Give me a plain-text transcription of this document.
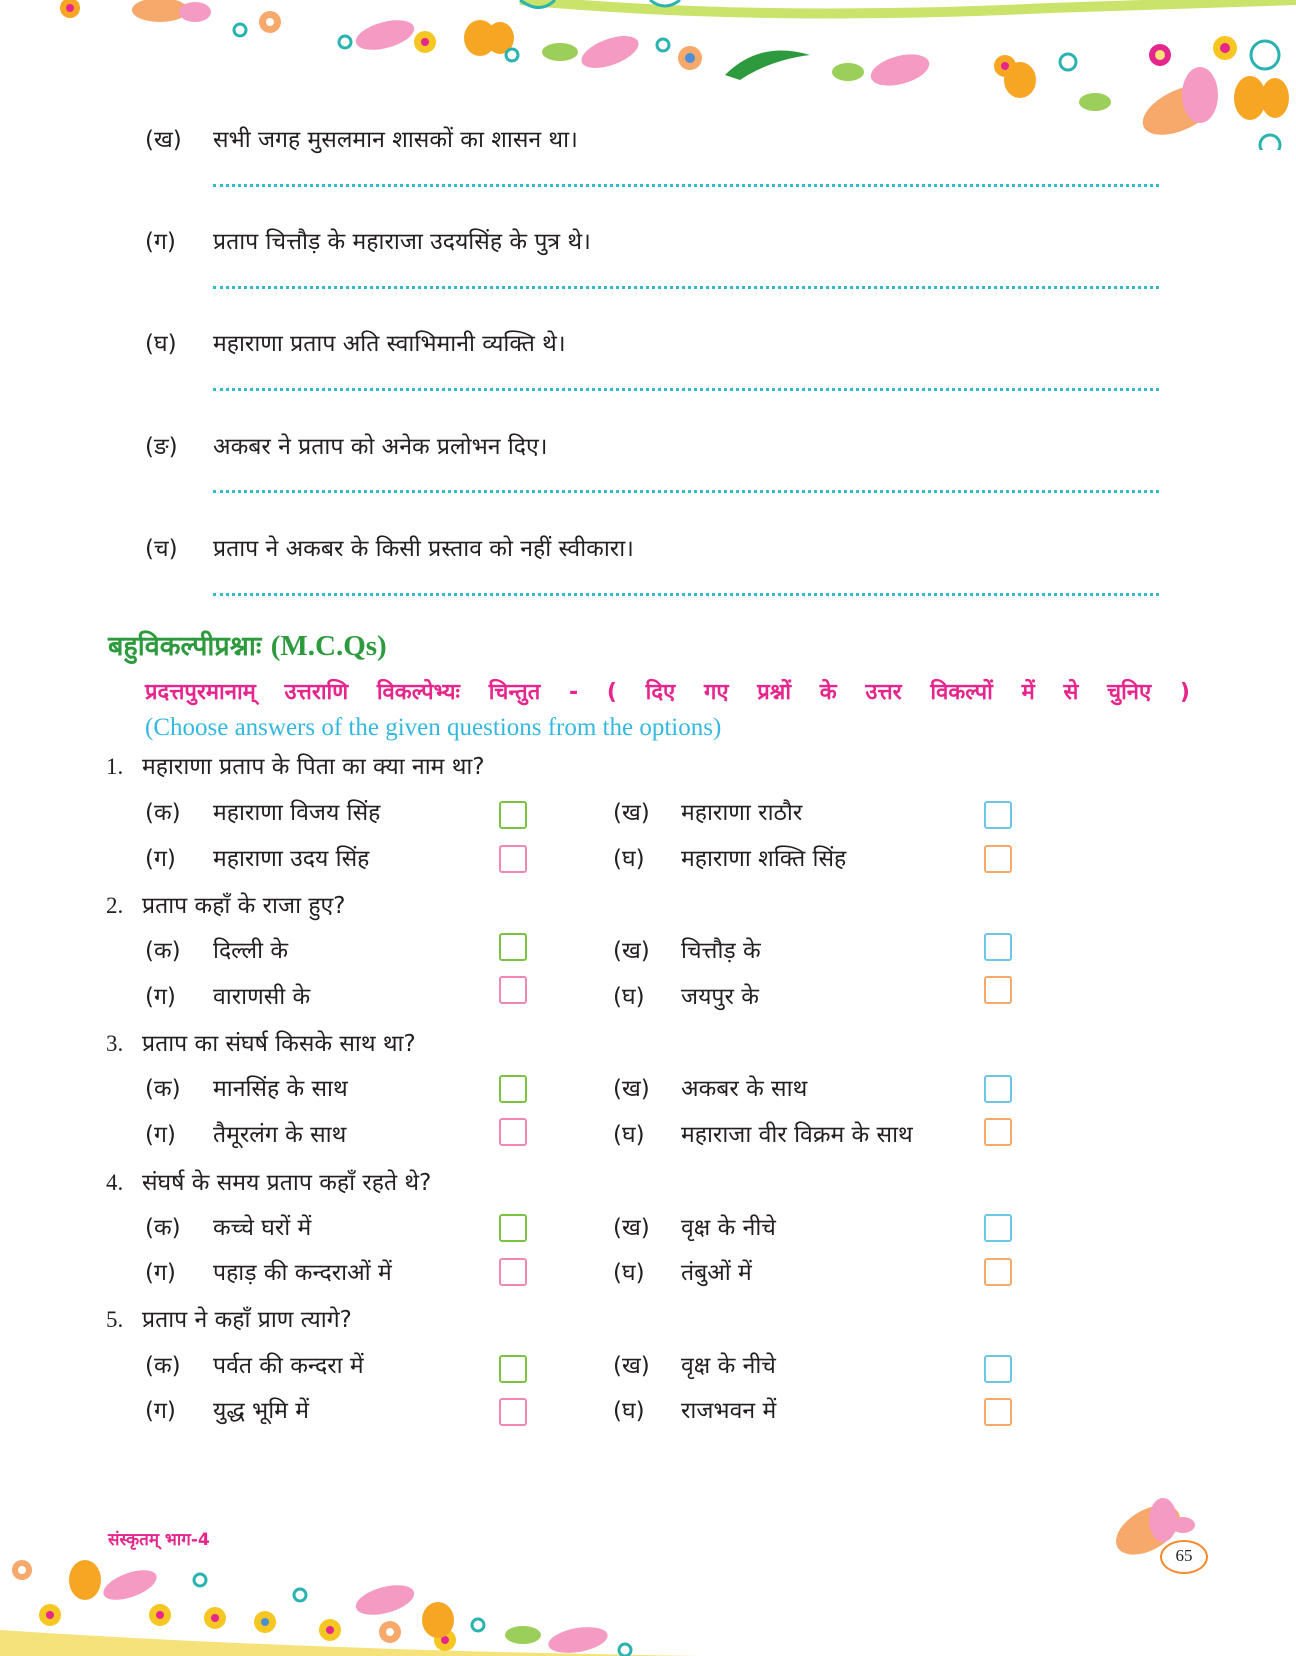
(ख) सभी जगह मुसलमान शासकों का शासन था।
(ग) प्रताप चित्तौड़ के महाराजा उदयसिंह के पुत्र थे।
(घ) महाराणा प्रताप अति स्वाभिमानी व्यक्ति थे।
(ङ) अकबर ने प्रताप को अनेक प्रलोभन दिए।
(च) प्रताप ने अकबर के किसी प्रस्ताव को नहीं स्वीकारा।
बहुविकल्पीप्रश्नाः (M.C.Qs)
प्रदत्तपुरमानाम् उत्तराणि विकल्पेभ्यः चिन्तुत - ( दिए गए प्रश्नों के उत्तर विकल्पों में से चुनिए )
(Choose answers of the given questions from the options)
1. महाराणा प्रताप के पिता का क्या नाम था?
(क) महाराणा विजय सिंह	(ख) महाराणा राठौर
(ग) महाराणा उदय सिंह	(घ) महाराणा शक्ति सिंह
2. प्रताप कहाँ के राजा हुए?
(क) दिल्ली के	(ख) चित्तौड़ के
(ग) वाराणसी के	(घ) जयपुर के
3. प्रताप का संघर्ष किसके साथ था?
(क) मानसिंह के साथ	(ख) अकबर के साथ
(ग) तैमूरलंग के साथ	(घ) महाराजा वीर विक्रम के साथ
4. संघर्ष के समय प्रताप कहाँ रहते थे?
(क) कच्चे घरों में	(ख) वृक्ष के नीचे
(ग) पहाड़ की कन्दराओं में	(घ) तंबुओं में
5. प्रताप ने कहाँ प्राण त्यागे?
(क) पर्वत की कन्दरा में	(ख) वृक्ष के नीचे
(ग) युद्ध भूमि में	(घ) राजभवन में
संस्कृतम् भाग-4
65
